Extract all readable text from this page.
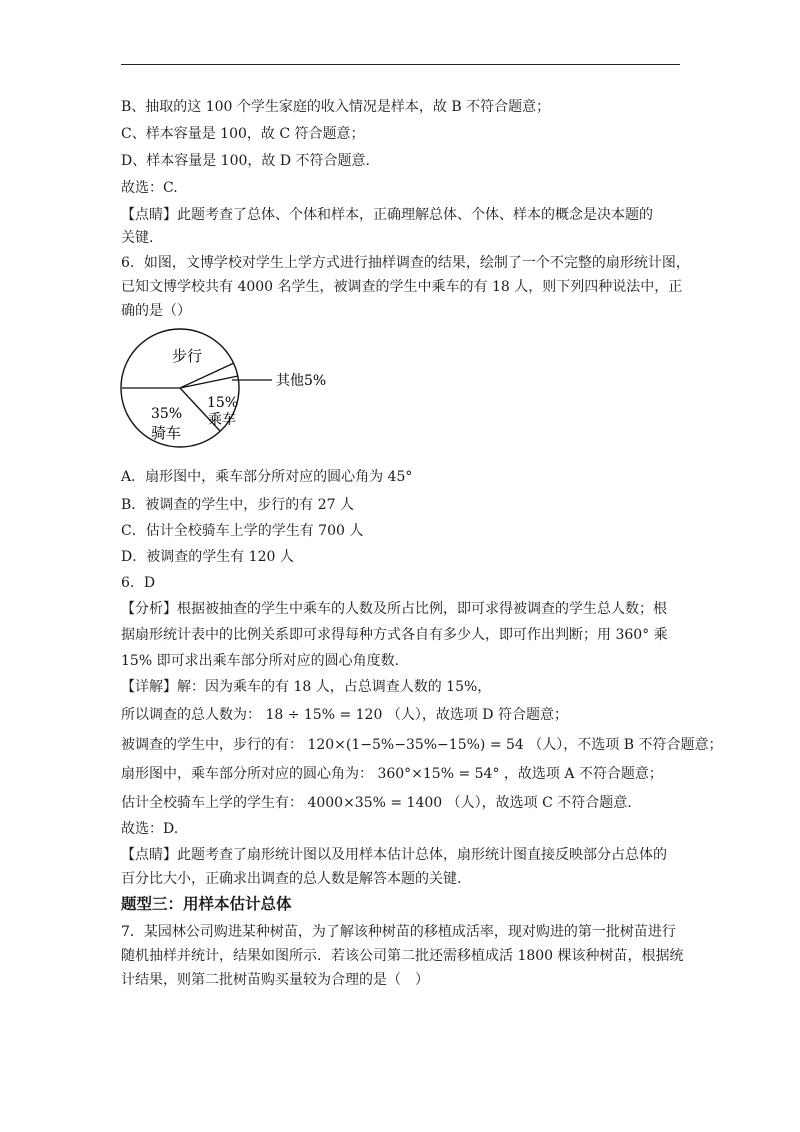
B、抽取的这 100 个学生家庭的收入情况是样本，故 B 不符合题意；
C、样本容量是 100，故 C 符合题意；
D、样本容量是 100，故 D 不符合题意.
故选：C.
【点睛】此题考查了总体、个体和样本，正确理解总体、个体、样本的概念是决本题的
关键.
6．如图，文博学校对学生上学方式进行抽样调查的结果，绘制了一个不完整的扇形统计图，
已知文博学校共有 4000 名学生，被调查的学生中乘车的有 18 人，则下列四种说法中，正
确的是（）
步行
其他 5%
15%
乘车
35%
骑车
A．扇形图中，乘车部分所对应的圆心角为 45°
B．被调查的学生中，步行的有 27 人
C．估计全校骑车上学的学生有 700 人
D．被调查的学生有 120 人
6．D
【分析】根据被抽查的学生中乘车的人数及所占比例，即可求得被调查的学生总人数；根
据扇形统计表中的比例关系即可求得每种方式各自有多少人，即可作出判断；用 360° 乘
15% 即可求出乘车部分所对应的圆心角度数.
【详解】解：因为乘车的有 18 人，占总调查人数的 15%，
所以调查的总人数为： 18 ÷ 15% = 120 （人），故选项 D 符合题意；
被调查的学生中，步行的有： 120×(1−5%−35%−15%) = 54 （人），不选项 B 不符合题意；
扇形图中，乘车部分所对应的圆心角为： 360°×15% = 54° ，故选项 A 不符合题意；
估计全校骑车上学的学生有： 4000×35% = 1400 （人），故选项 C 不符合题意.
故选：D.
【点睛】此题考查了扇形统计图以及用样本估计总体，扇形统计图直接反映部分占总体的
百分比大小，正确求出调查的总人数是解答本题的关键.
题型三：用样本估计总体
7．某园林公司购进某种树苗，为了解该种树苗的移植成活率，现对购进的第一批树苗进行
随机抽样并统计，结果如图所示．若该公司第二批还需移植成活 1800 棵该种树苗，根据统
计结果，则第二批树苗购买量较为合理的是（　）
